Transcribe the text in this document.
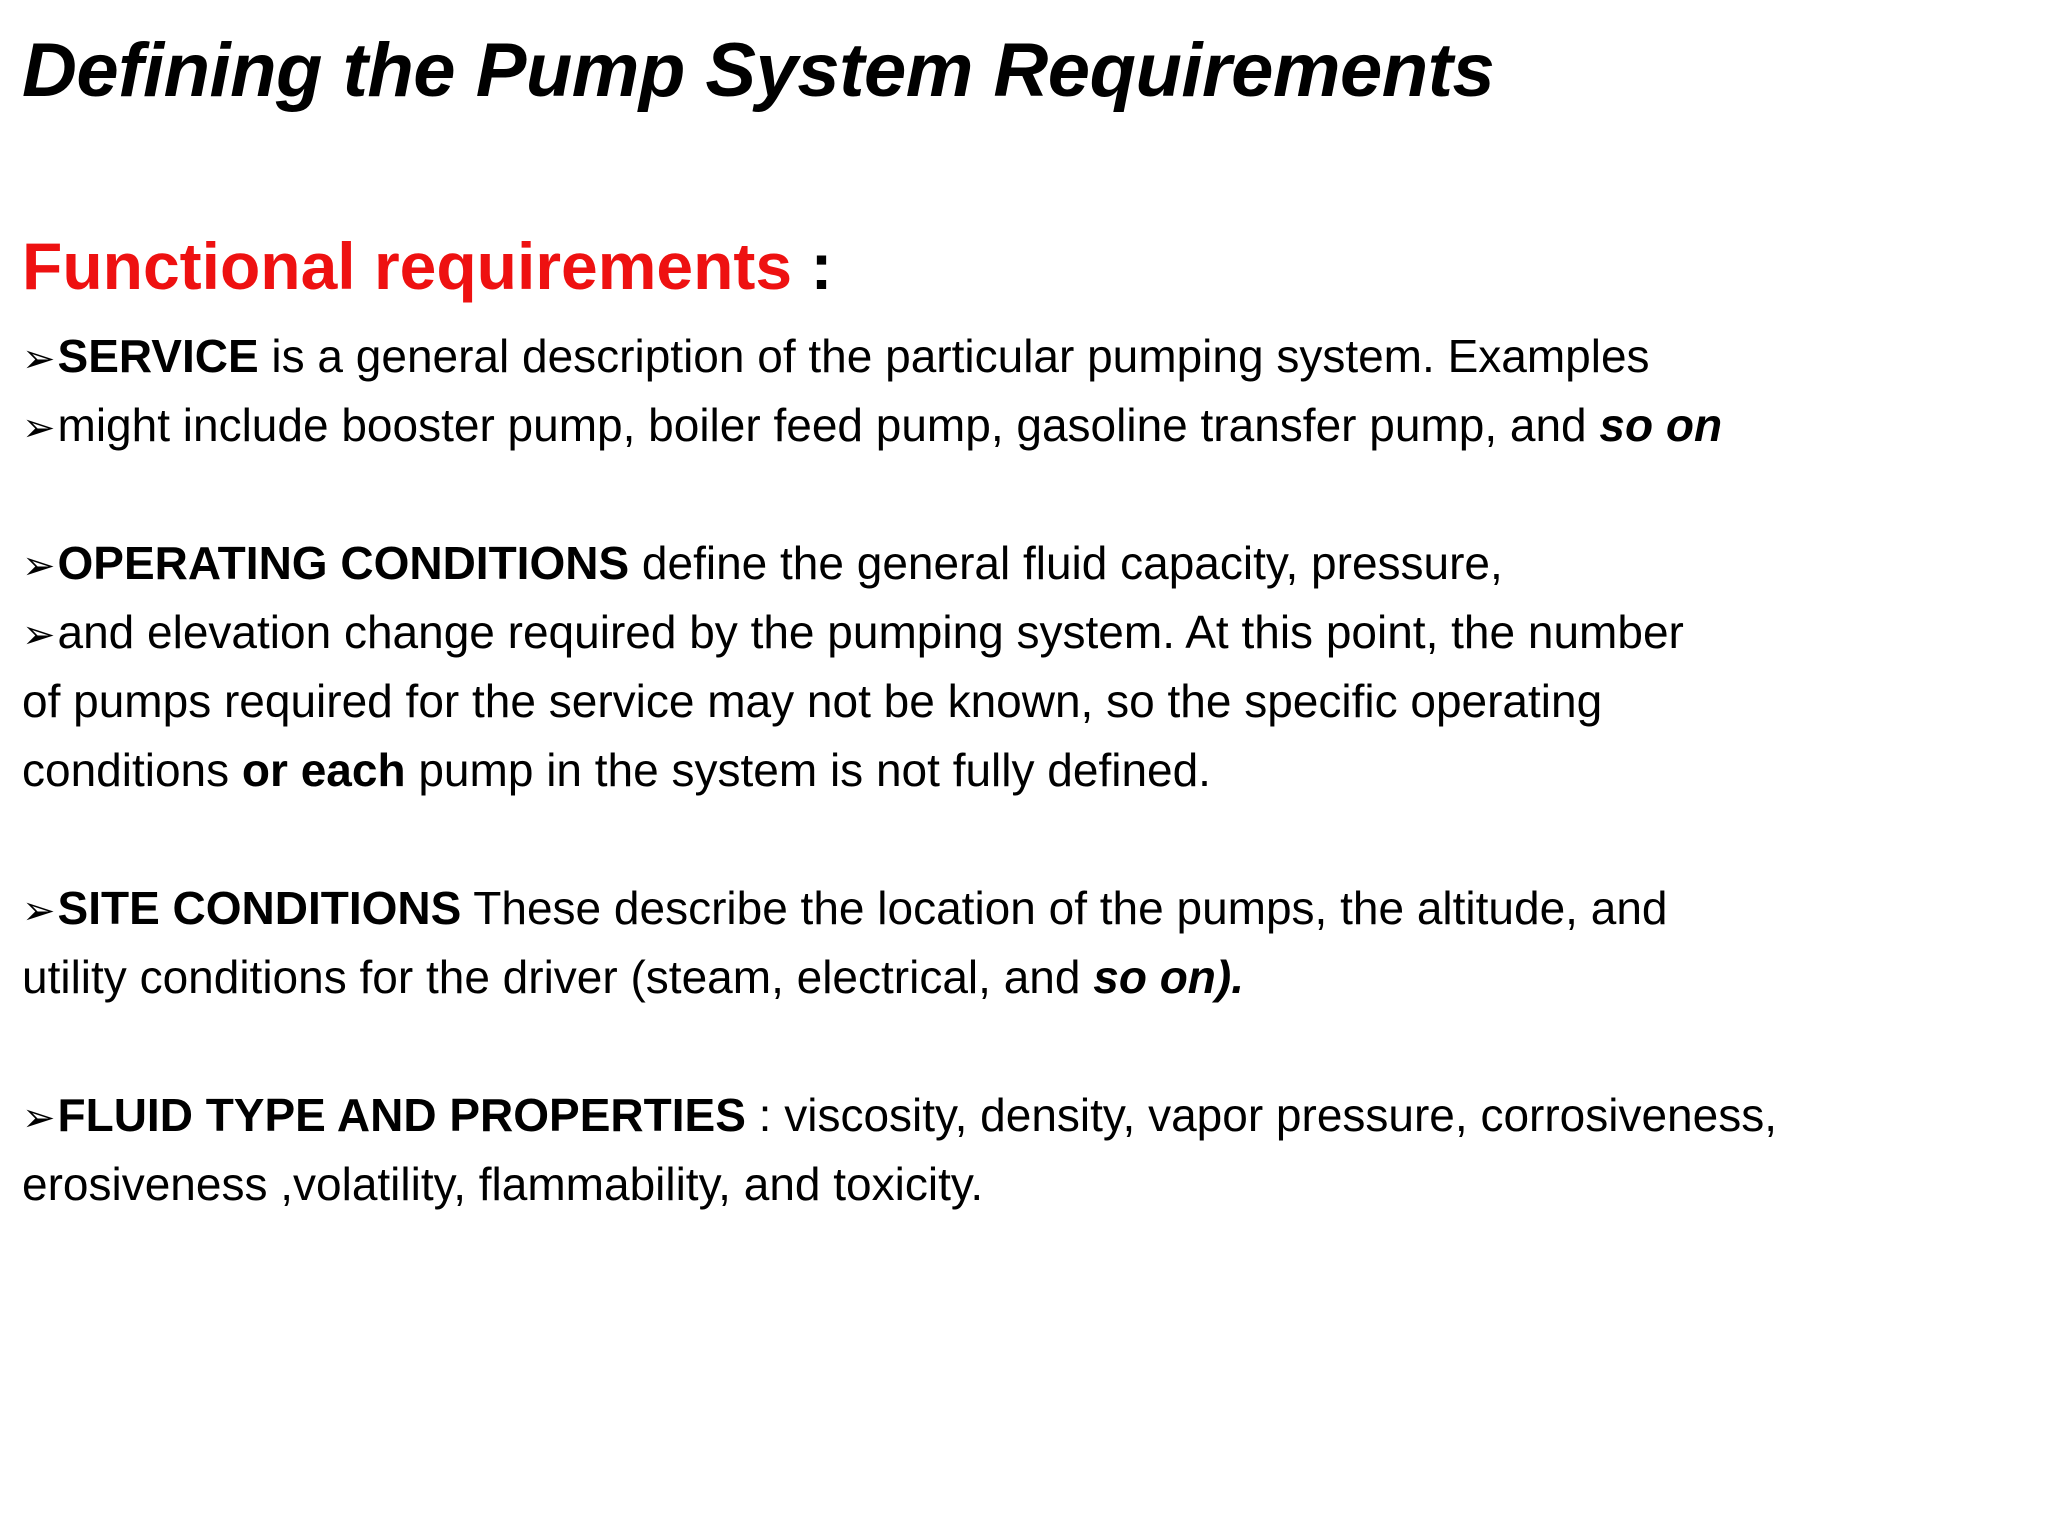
Defining the Pump System Requirements
Functional requirements :
➢SERVICE is a general description of the particular pumping system. Examples
➢might include booster pump, boiler feed pump, gasoline transfer pump, and so on
➢OPERATING CONDITIONS define the general fluid capacity, pressure,
➢and elevation change required by the pumping system. At this point, the number
of pumps required for the service may not be known, so the specific operating
conditions or each pump in the system is not fully defined.
➢SITE CONDITIONS These describe the location of the pumps, the altitude, and
utility conditions for the driver (steam, electrical, and so on).
➢FLUID TYPE AND PROPERTIES : viscosity, density, vapor pressure, corrosiveness,
erosiveness ,volatility, flammability, and toxicity.
